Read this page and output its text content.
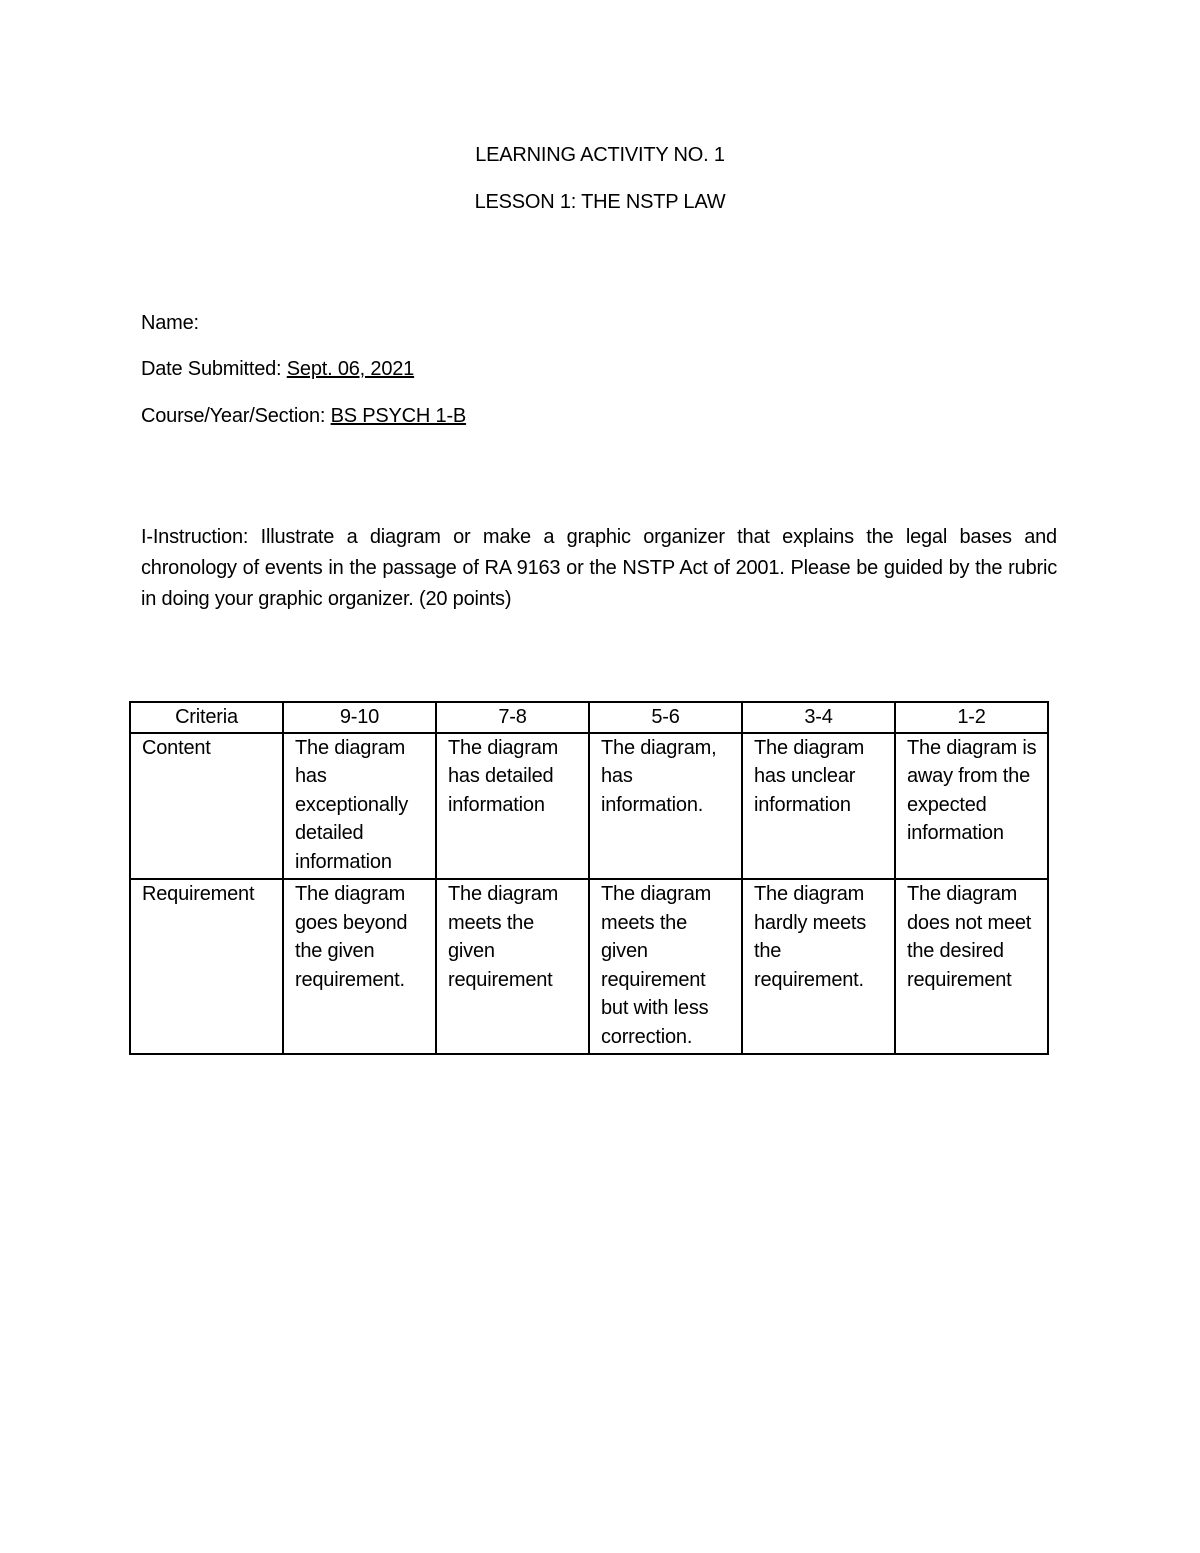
LEARNING ACTIVITY NO. 1
LESSON 1: THE NSTP LAW
Name:
Date Submitted: Sept. 06, 2021
Course/Year/Section: BS PSYCH 1-B
I-Instruction: Illustrate a diagram or make a graphic organizer that explains the legal bases and chronology of events in the passage of RA 9163 or the NSTP Act of 2001. Please be guided by the rubric in doing your graphic organizer. (20 points)
Criteria	9-10	7-8	5-6	3-4	1-2
Content	The diagram has exceptionally detailed information	The diagram has detailed information	The diagram, has information.	The diagram has unclear information	The diagram is away from the expected information
Requirement	The diagram goes beyond the given requirement.	The diagram meets the given requirement	The diagram meets the given requirement but with less correction.	The diagram hardly meets the requirement.	The diagram does not meet the desired requirement
